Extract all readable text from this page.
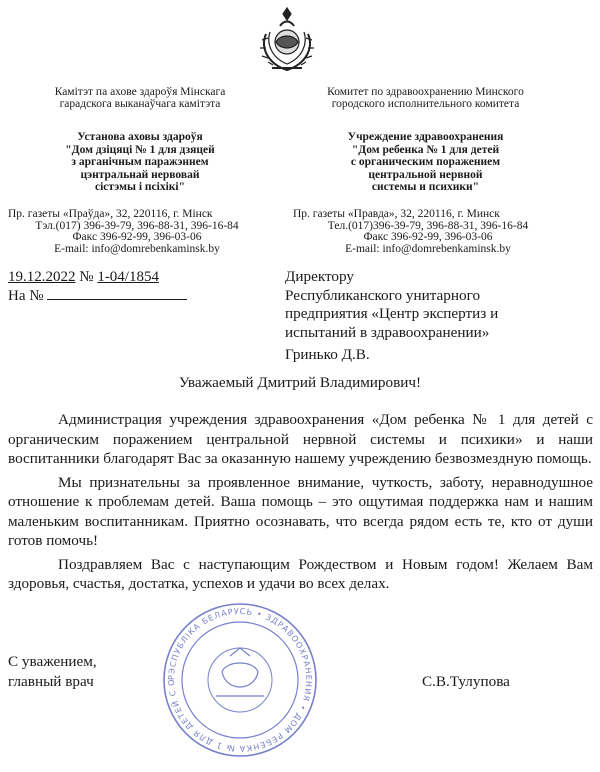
Камітэт па ахове здароўя Мінскага
гарадскога выканаўчага камітэта
Установа аховы здароўя
"Дом дзіцяці № 1 для дзяцей
з арганічным паражэннем
цэнтральнай нервовай
сістэмы і псіхікі"
Пр. газеты «Праўда», 32, 220116, г. Мінск
Тэл.(017) 396-39-79, 396-88-31, 396-16-84
Факс 396-92-99, 396-03-06
E-mail: info@domrebenkaminsk.by
Комитет по здравоохранению Минского
городского исполнительного комитета
Учреждение здравоохранения
"Дом ребенка № 1 для детей
с органическим поражением
центральной нервной
системы и психики"
Пр. газеты «Правда», 32, 220116, г. Минск
Тел.(017)396-39-79, 396-88-31, 396-16-84
Факс 396-92-99, 396-03-06
E-mail: info@domrebenkaminsk.by
19.12.2022 № 1-04/1854
На №
Директору
Республиканского унитарного
предприятия «Центр экспертиз и
испытаний в здравоохранении»
Гринько Д.В.
Уважаемый Дмитрий Владимирович!

Администрация учреждения здравоохранения «Дом ребенка № 1 для детей с органическим поражением центральной нервной системы и психики» и наши воспитанники благодарят Вас за оказанную нашему учреждению безвозмездную помощь.

Мы признательны за проявленное внимание, чуткость, заботу, неравнодушное отношение к проблемам детей. Ваша помощь – это ощутимая поддержка нам и нашим маленьким воспитанникам. Приятно осознавать, что всегда рядом есть те, кто от души готов помочь!

Поздравляем Вас с наступающим Рождеством и Новым годом! Желаем Вам здоровья, счастья, достатка, успехов и удачи во всех делах.

С уважением,
главный врач	С.В.Тулупова
РЭСПУБЛІКА БЕЛАРУСЬ • ЗДРАВООХРАНЕНИЯ • ДОМ РЕБЕНКА № 1 ДЛЯ ДЕТЕЙ С О
